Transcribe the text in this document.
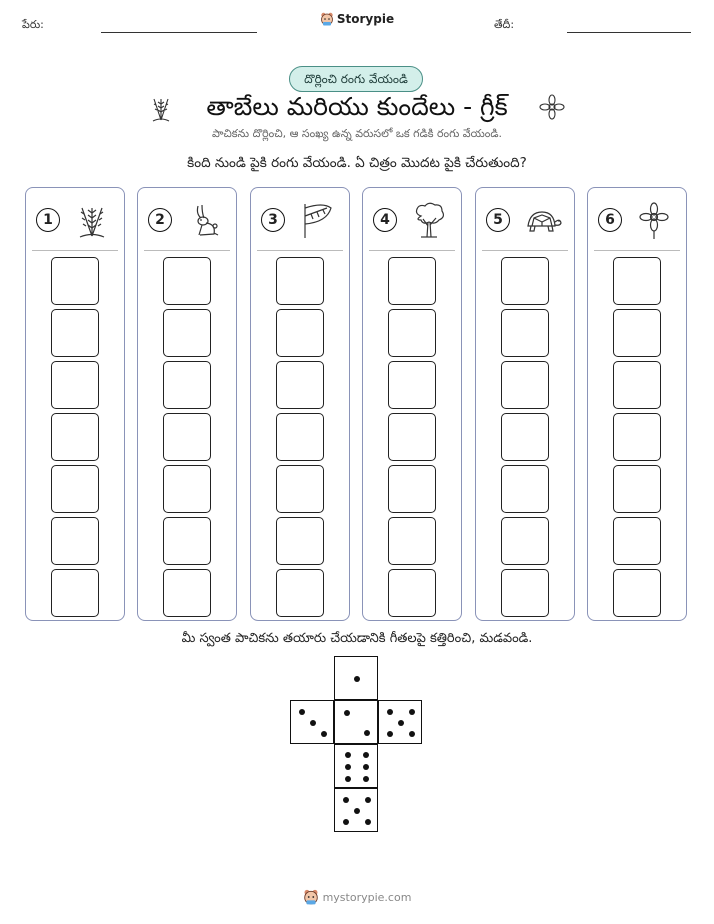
పేరు:	Storypie	తేదీ:
దొర్లించి రంగు వేయండి
తాబేలు మరియు కుందేలు - గ్రీక్
పాచికను దొర్లించి, ఆ సంఖ్య ఉన్న వరుసలో ఒక గడికి రంగు వేయండి.
కింది నుండి పైకి రంగు వేయండి. ఏ చిత్రం మొదట పైకి చేరుతుంది?
1	2	3	4	5	6
మీ స్వంత పాచికను తయారు చేయడానికి గీతలపై కత్తిరించి, మడవండి.
mystorypie.com
